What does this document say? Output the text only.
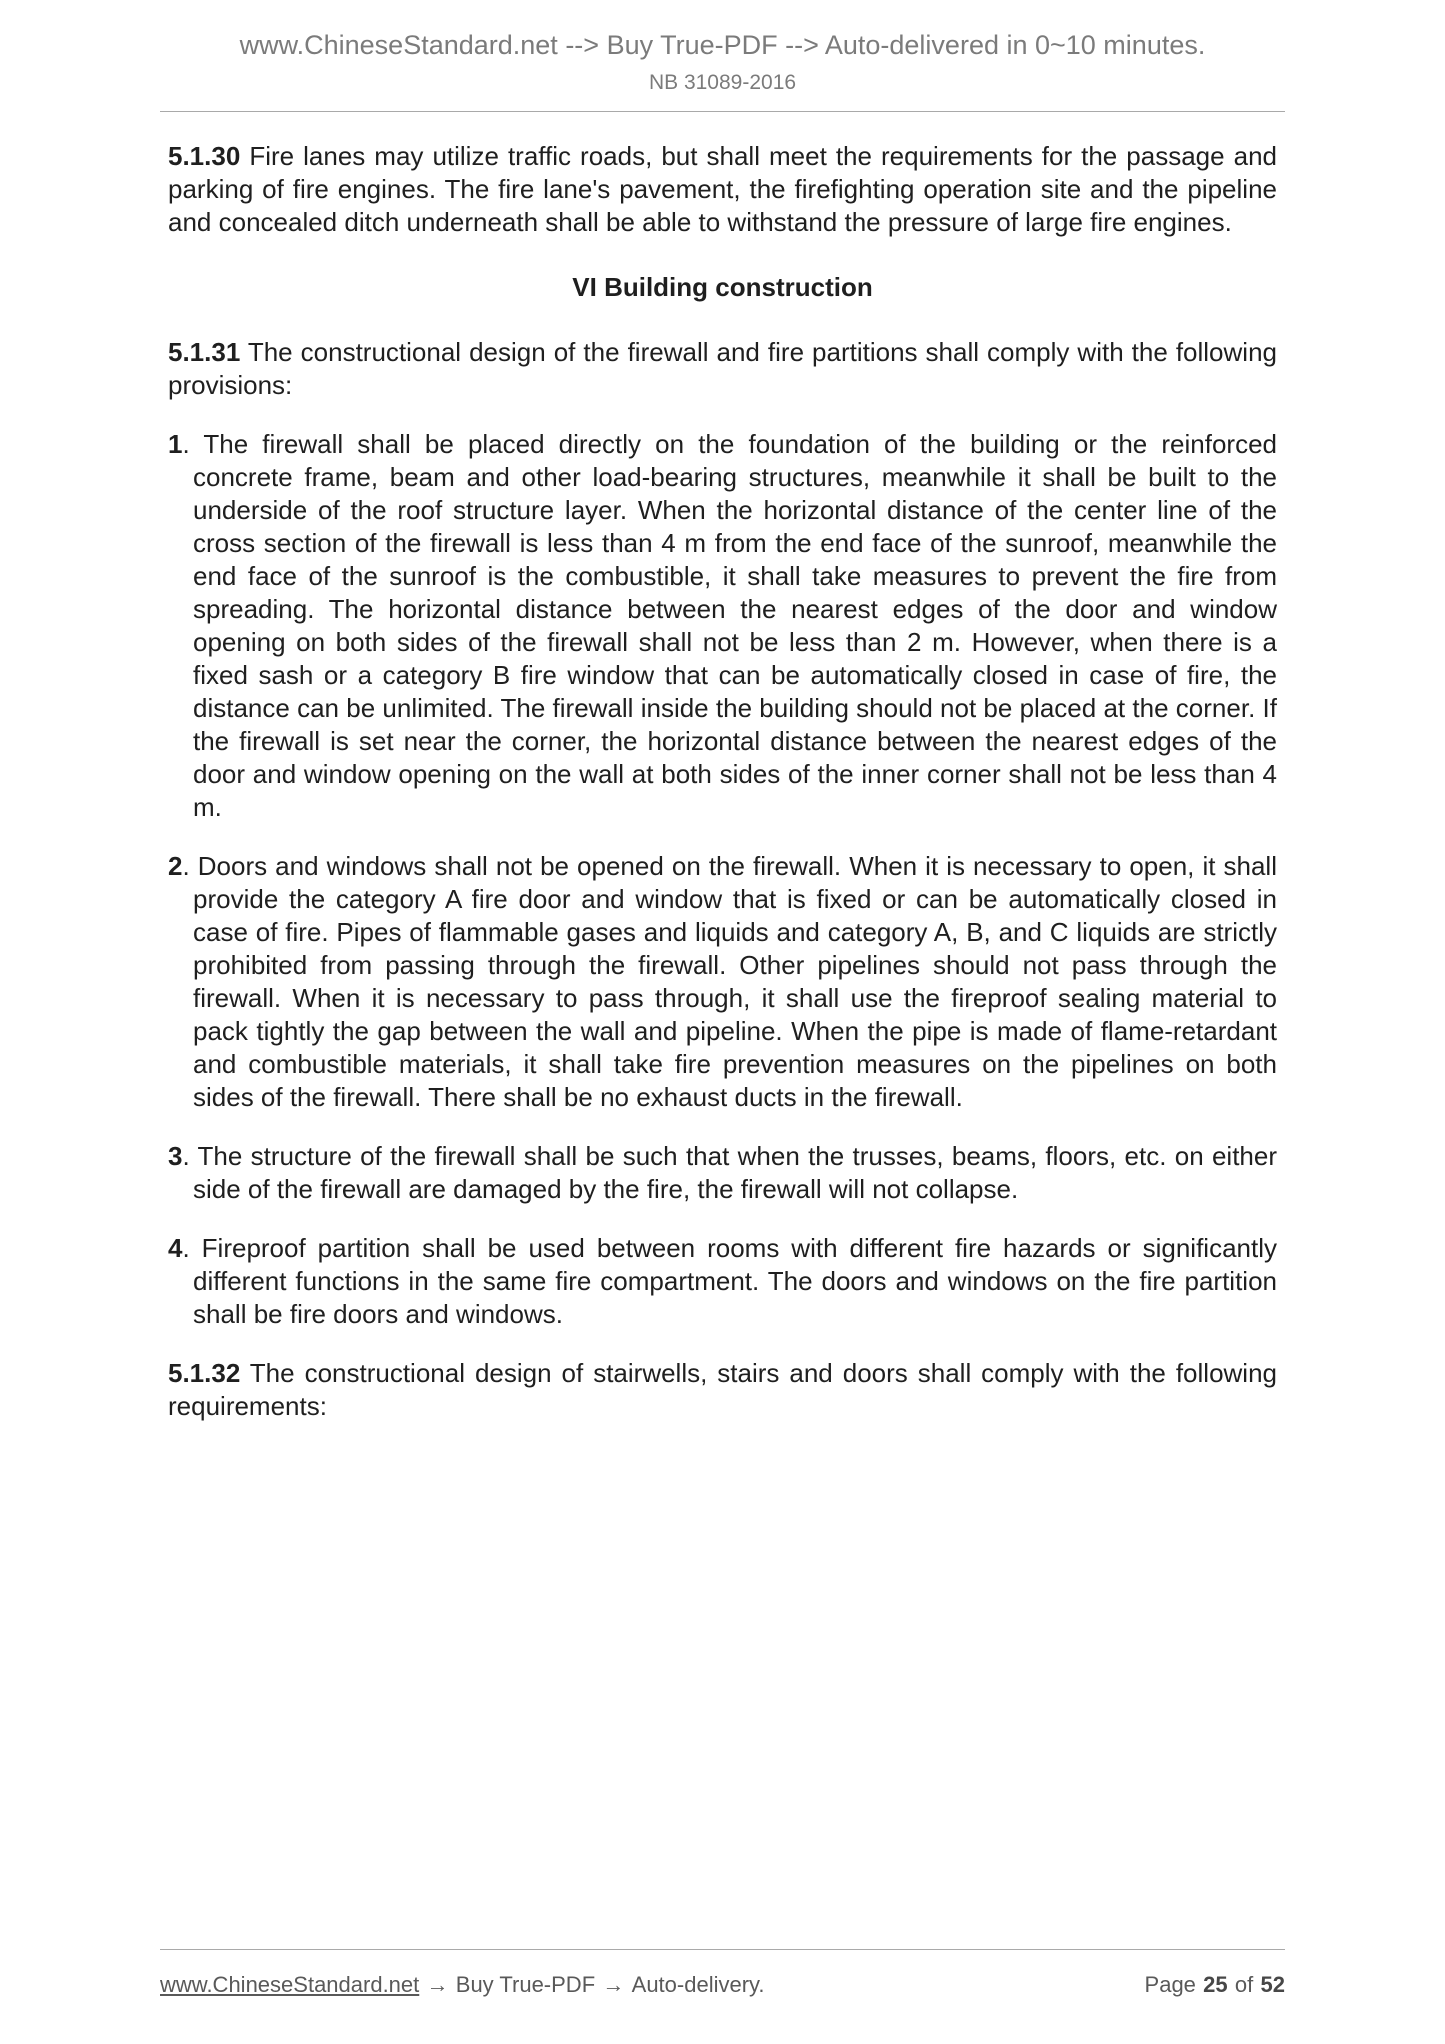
www.ChineseStandard.net --> Buy True-PDF --> Auto-delivered in 0~10 minutes.
NB 31089-2016
5.1.30 Fire lanes may utilize traffic roads, but shall meet the requirements for the passage and parking of fire engines. The fire lane's pavement, the firefighting operation site and the pipeline and concealed ditch underneath shall be able to withstand the pressure of large fire engines.
VI Building construction
5.1.31 The constructional design of the firewall and fire partitions shall comply with the following provisions:
1. The firewall shall be placed directly on the foundation of the building or the reinforced concrete frame, beam and other load-bearing structures, meanwhile it shall be built to the underside of the roof structure layer. When the horizontal distance of the center line of the cross section of the firewall is less than 4 m from the end face of the sunroof, meanwhile the end face of the sunroof is the combustible, it shall take measures to prevent the fire from spreading. The horizontal distance between the nearest edges of the door and window opening on both sides of the firewall shall not be less than 2 m. However, when there is a fixed sash or a category B fire window that can be automatically closed in case of fire, the distance can be unlimited. The firewall inside the building should not be placed at the corner. If the firewall is set near the corner, the horizontal distance between the nearest edges of the door and window opening on the wall at both sides of the inner corner shall not be less than 4 m.
2. Doors and windows shall not be opened on the firewall. When it is necessary to open, it shall provide the category A fire door and window that is fixed or can be automatically closed in case of fire. Pipes of flammable gases and liquids and category A, B, and C liquids are strictly prohibited from passing through the firewall. Other pipelines should not pass through the firewall. When it is necessary to pass through, it shall use the fireproof sealing material to pack tightly the gap between the wall and pipeline. When the pipe is made of flame-retardant and combustible materials, it shall take fire prevention measures on the pipelines on both sides of the firewall. There shall be no exhaust ducts in the firewall.
3. The structure of the firewall shall be such that when the trusses, beams, floors, etc. on either side of the firewall are damaged by the fire, the firewall will not collapse.
4. Fireproof partition shall be used between rooms with different fire hazards or significantly different functions in the same fire compartment. The doors and windows on the fire partition shall be fire doors and windows.
5.1.32 The constructional design of stairwells, stairs and doors shall comply with the following requirements:
www.ChineseStandard.net → Buy True-PDF → Auto-delivery.	Page 25 of 52
